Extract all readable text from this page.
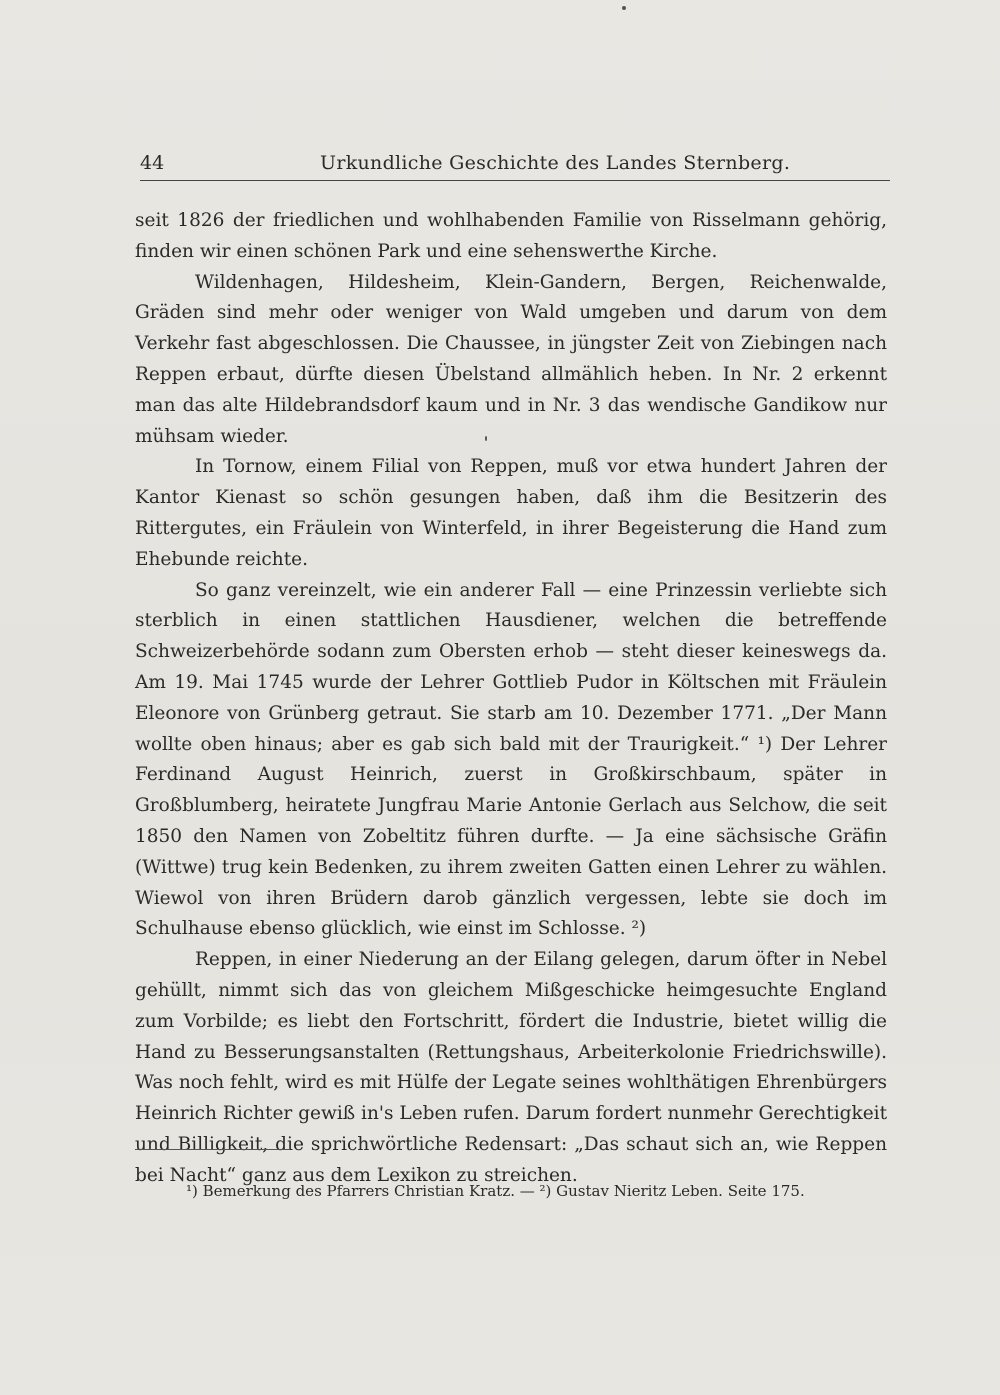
44	Urkundliche Geschichte des Landes Sternberg.

seit 1826 der friedlichen und wohlhabenden Familie von Risselmann gehörig, finden wir einen schönen Park und eine sehenswerthe Kirche.

Wildenhagen, Hildesheim, Klein-Gandern, Bergen, Reichenwalde, Gräden sind mehr oder weniger von Wald umgeben und darum von dem Verkehr fast abgeschlossen. Die Chaussee, in jüngster Zeit von Ziebingen nach Reppen erbaut, dürfte diesen Übelstand allmählich heben. In Nr. 2 erkennt man das alte Hildebrandsdorf kaum und in Nr. 3 das wendische Gandikow nur mühsam wieder.

In Tornow, einem Filial von Reppen, muß vor etwa hundert Jahren der Kantor Kienast so schön gesungen haben, daß ihm die Besitzerin des Rittergutes, ein Fräulein von Winterfeld, in ihrer Begeisterung die Hand zum Ehebunde reichte.

So ganz vereinzelt, wie ein anderer Fall — eine Prinzessin verliebte sich sterblich in einen stattlichen Hausdiener, welchen die betreffende Schweizerbehörde sodann zum Obersten erhob — steht dieser keineswegs da. Am 19. Mai 1745 wurde der Lehrer Gottlieb Pudor in Költschen mit Fräulein Eleonore von Grünberg getraut. Sie starb am 10. Dezember 1771. „Der Mann wollte oben hinaus; aber es gab sich bald mit der Traurigkeit.“ ¹) Der Lehrer Ferdinand August Heinrich, zuerst in Großkirschbaum, später in Großblumberg, heiratete Jungfrau Marie Antonie Gerlach aus Selchow, die seit 1850 den Namen von Zobeltitz führen durfte. — Ja eine sächsische Gräfin (Wittwe) trug kein Bedenken, zu ihrem zweiten Gatten einen Lehrer zu wählen. Wiewol von ihren Brüdern darob gänzlich vergessen, lebte sie doch im Schulhause ebenso glücklich, wie einst im Schlosse. ²)

Reppen, in einer Niederung an der Eilang gelegen, darum öfter in Nebel gehüllt, nimmt sich das von gleichem Mißgeschicke heimgesuchte England zum Vorbilde; es liebt den Fortschritt, fördert die Industrie, bietet willig die Hand zu Besserungsanstalten (Rettungshaus, Arbeiterkolonie Friedrichswille). Was noch fehlt, wird es mit Hülfe der Legate seines wohlthätigen Ehrenbürgers Heinrich Richter gewiß in's Leben rufen. Darum fordert nunmehr Gerechtigkeit und Billigkeit, die sprichwörtliche Redensart: „Das schaut sich an, wie Reppen bei Nacht“ ganz aus dem Lexikon zu streichen.

¹) Bemerkung des Pfarrers Christian Kratz. — ²) Gustav Nieritz Leben. Seite 175.
